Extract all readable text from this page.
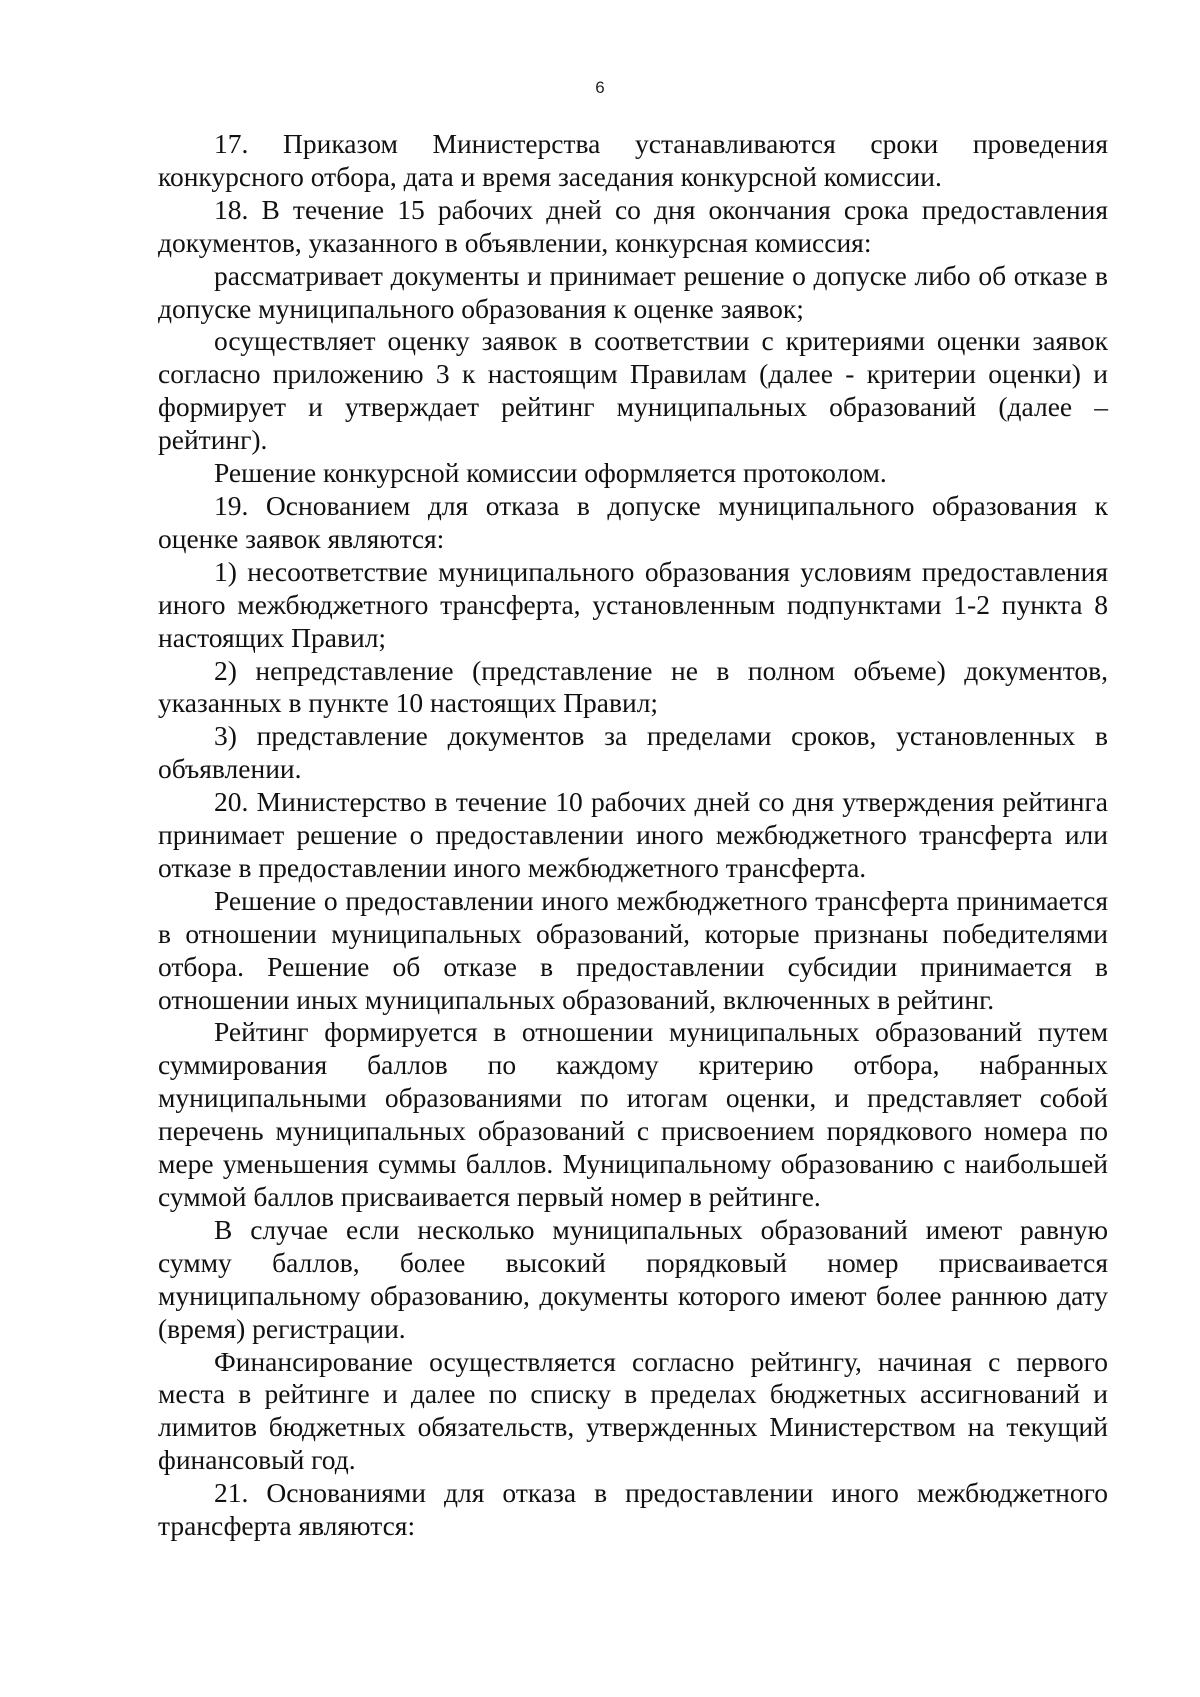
6

17. Приказом Министерства устанавливаются сроки проведения конкурсного отбора, дата и время заседания конкурсной комиссии.

18. В течение 15 рабочих дней со дня окончания срока предоставления документов, указанного в объявлении, конкурсная комиссия:

рассматривает документы и принимает решение о допуске либо об отказе в допуске муниципального образования к оценке заявок;

осуществляет оценку заявок в соответствии с критериями оценки заявок согласно приложению 3 к настоящим Правилам (далее - критерии оценки) и формирует и утверждает рейтинг муниципальных образований (далее – рейтинг).

Решение конкурсной комиссии оформляется протоколом.

19. Основанием для отказа в допуске муниципального образования к оценке заявок являются:

1) несоответствие муниципального образования условиям предоставления иного межбюджетного трансферта, установленным подпунктами 1-2 пункта 8 настоящих Правил;

2) непредставление (представление не в полном объеме) документов, указанных в пункте 10 настоящих Правил;

3) представление документов за пределами сроков, установленных в объявлении.

20. Министерство в течение 10 рабочих дней со дня утверждения рейтинга принимает решение о предоставлении иного межбюджетного трансферта или отказе в предоставлении иного межбюджетного трансферта.

Решение о предоставлении иного межбюджетного трансферта принимается в отношении муниципальных образований, которые признаны победителями отбора. Решение об отказе в предоставлении субсидии принимается в отношении иных муниципальных образований, включенных в рейтинг.

Рейтинг формируется в отношении муниципальных образований путем суммирования баллов по каждому критерию отбора, набранных муниципальными образованиями по итогам оценки, и представляет собой перечень муниципальных образований с присвоением порядкового номера по мере уменьшения суммы баллов. Муниципальному образованию с наибольшей суммой баллов присваивается первый номер в рейтинге.

В случае если несколько муниципальных образований имеют равную сумму баллов, более высокий порядковый номер присваивается муниципальному образованию, документы которого имеют более раннюю дату (время) регистрации.

Финансирование осуществляется согласно рейтингу, начиная с первого места в рейтинге и далее по списку в пределах бюджетных ассигнований и лимитов бюджетных обязательств, утвержденных Министерством на текущий финансовый год.

21. Основаниями для отказа в предоставлении иного межбюджетного трансферта являются:
